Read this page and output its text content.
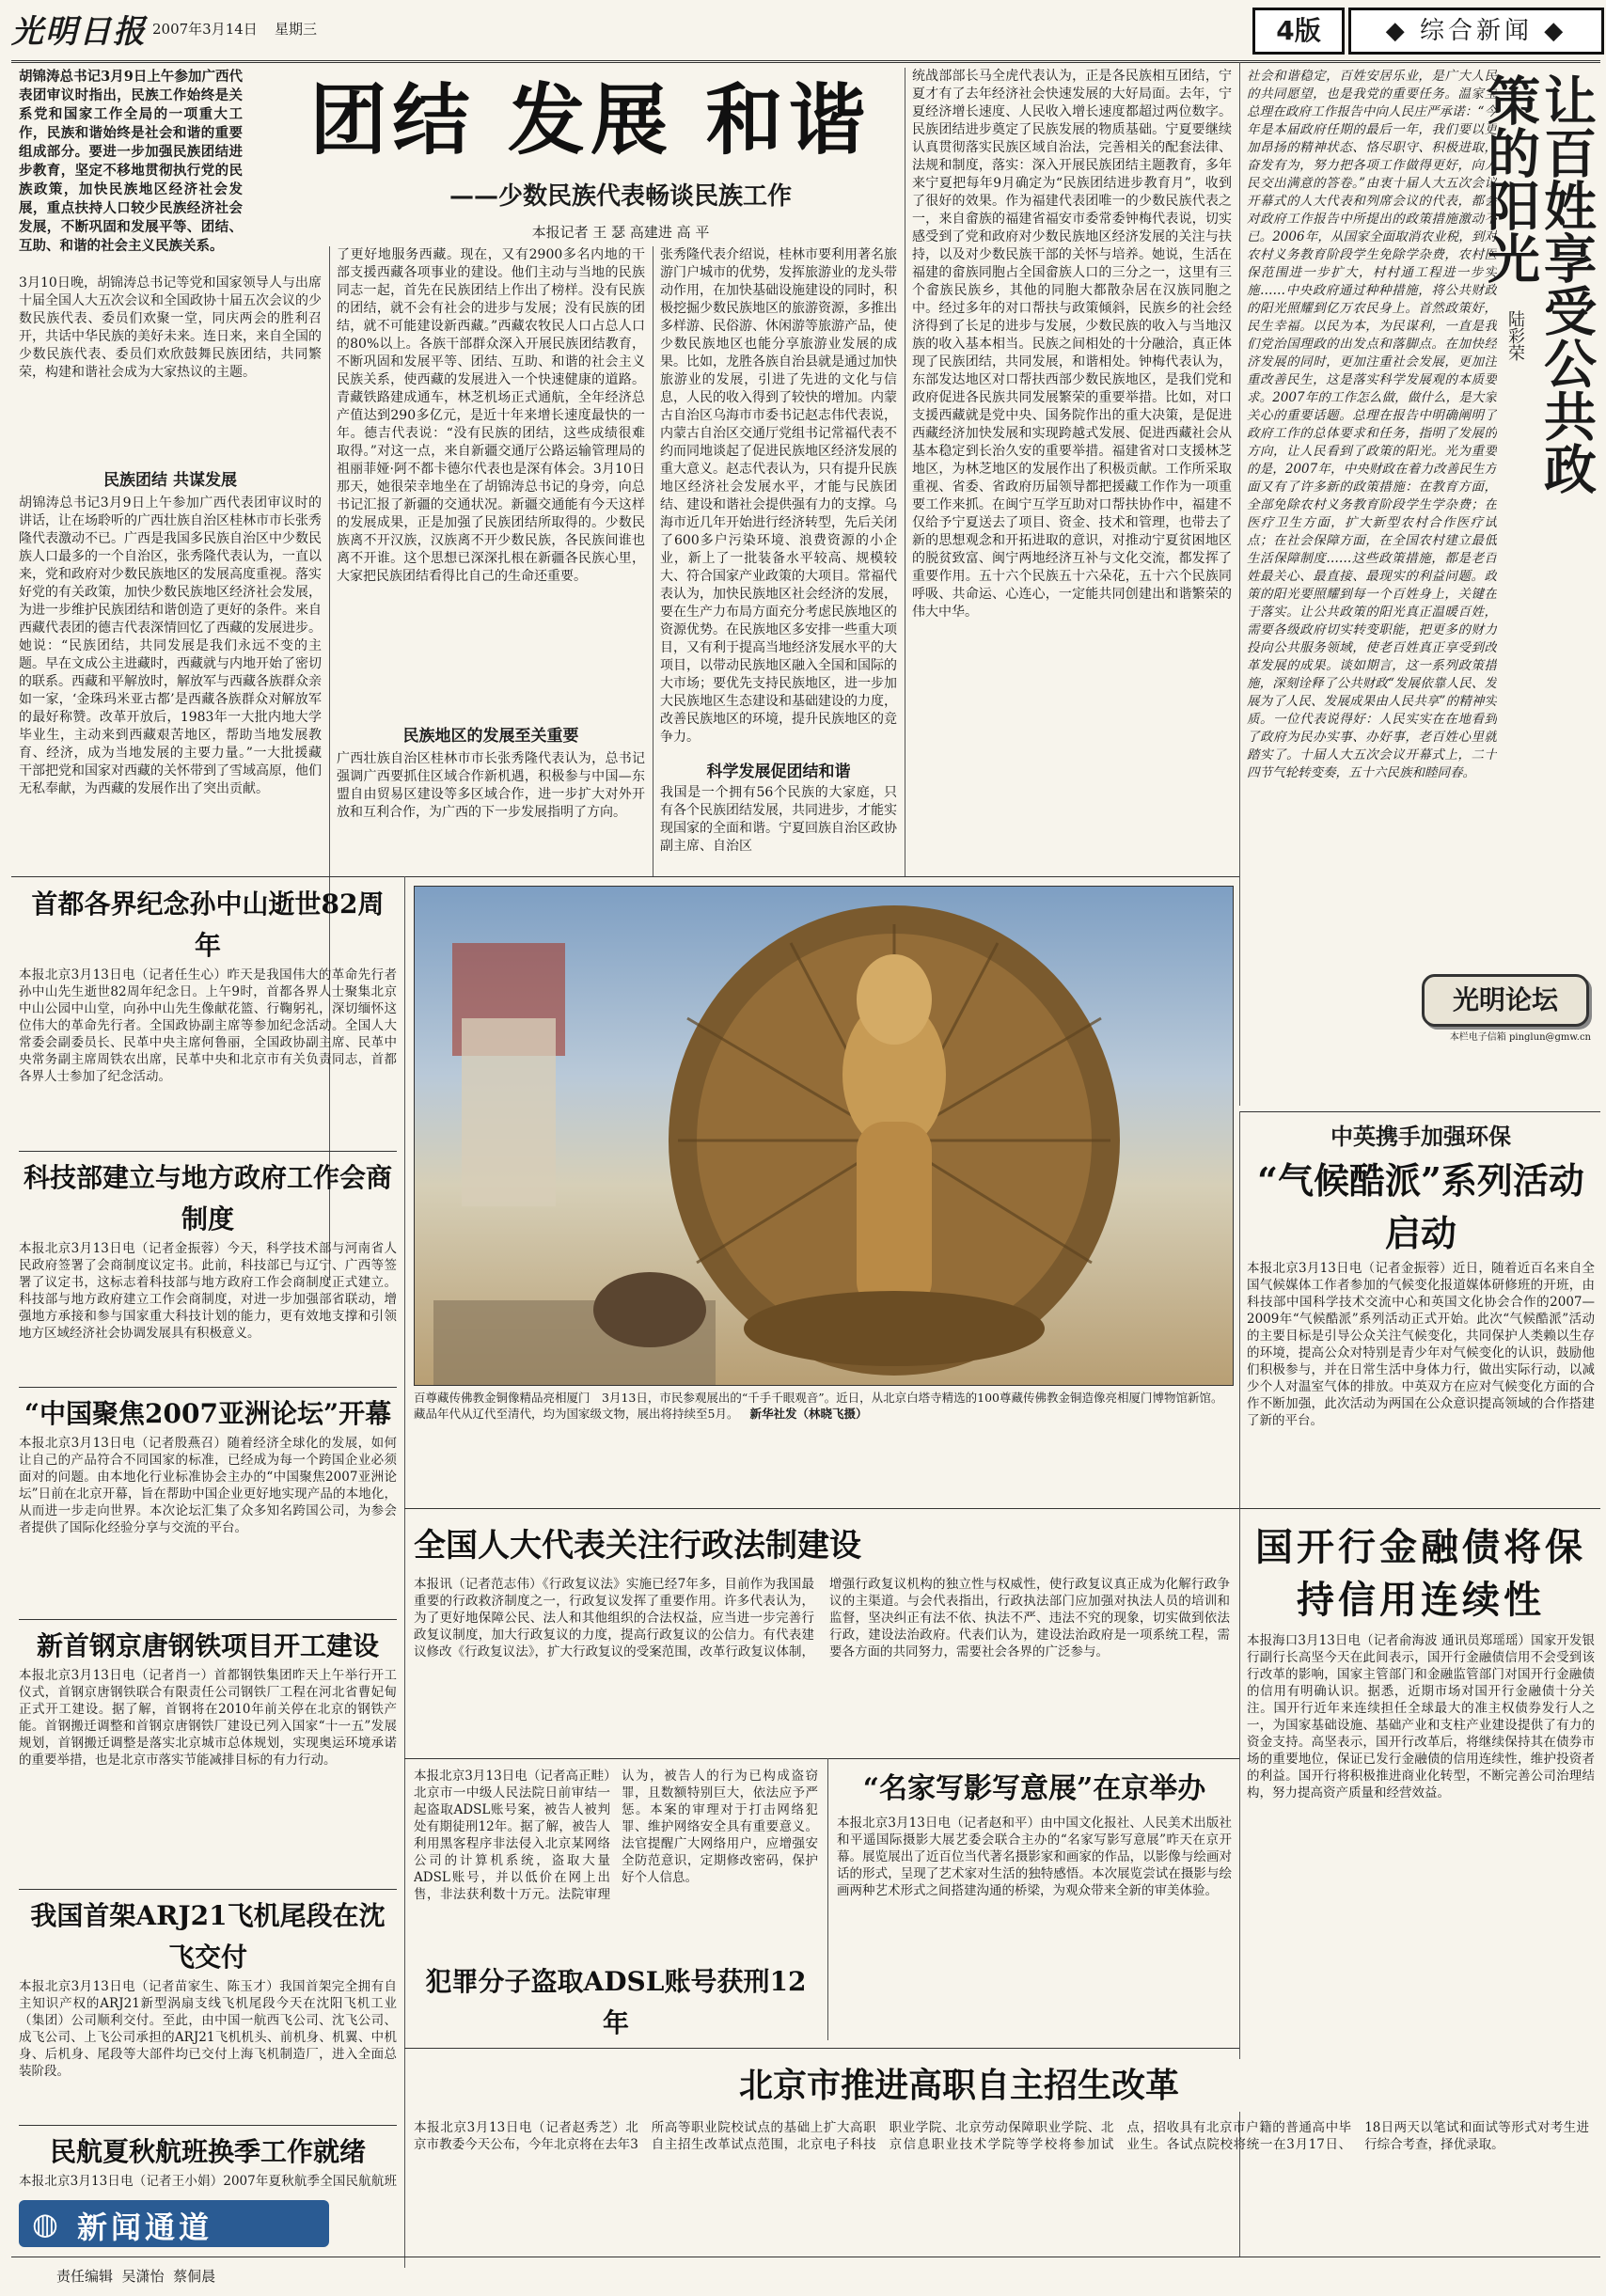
光明日报 2007年3月14日 星期三	4版	◆ 综合新闻 ◆
胡锦涛总书记3月9日上午参加广西代表团审议时指出，民族工作始终是关系党和国家工作全局的一项重大工作，民族和谐始终是社会和谐的重要组成部分。要进一步加强民族团结进步教育，坚定不移地贯彻执行党的民族政策，加快民族地区经济社会发展，重点扶持人口较少民族经济社会发展，不断巩固和发展平等、团结、互助、和谐的社会主义民族关系。
团结 发展 和谐
——少数民族代表畅谈民族工作
本报记者 王 瑟 高建进 高 平
3月10日晚，胡锦涛总书记等党和国家领导人与出席十届全国人大五次会议和全国政协十届五次会议的少数民族代表、委员们欢聚一堂，同庆两会的胜利召开，共话中华民族的美好未来。连日来，来自全国的少数民族代表、委员们欢欣鼓舞民族团结，共同繁荣，构建和谐社会成为大家热议的主题。
民族团结 共谋发展
胡锦涛总书记3月9日上午参加广西代表团审议时的讲话，让在场聆听的广西壮族自治区桂林市市长张秀隆代表激动不已。广西是我国多民族自治区中少数民族人口最多的一个自治区，张秀隆代表认为，一直以来，党和政府对少数民族地区的发展高度重视。落实好党的有关政策，加快少数民族地区经济社会发展，为进一步维护民族团结和谐创造了更好的条件。来自西藏代表团的德吉代表深情回忆了西藏的发展进步。她说：“民族团结，共同发展是我们永远不变的主题。早在文成公主进藏时，西藏就与内地开始了密切的联系。西藏和平解放时，解放军与西藏各族群众亲如一家，‘金珠玛米亚古都’是西藏各族群众对解放军的最好称赞。改革开放后，1983年一大批内地大学毕业生，主动来到西藏艰苦地区，帮助当地发展教育、经济，成为当地发展的主要力量。”一大批援藏干部把党和国家对西藏的关怀带到了雪域高原，他们无私奉献，为西藏的发展作出了突出贡献。
了更好地服务西藏。现在，又有2900多名内地的干部支援西藏各项事业的建设。他们主动与当地的民族同志一起，首先在民族团结上作出了榜样。没有民族的团结，就不会有社会的进步与发展；没有民族的团结，就不可能建设新西藏。”西藏农牧民人口占总人口的80%以上。各族干部群众深入开展民族团结教育，不断巩固和发展平等、团结、互助、和谐的社会主义民族关系，使西藏的发展进入一个快速健康的道路。青藏铁路建成通车，林芝机场正式通航，全年经济总产值达到290多亿元，是近十年来增长速度最快的一年。德吉代表说：“没有民族的团结，这些成绩很难取得。”对这一点，来自新疆交通厅公路运输管理局的祖丽菲娅·阿不都卡德尔代表也是深有体会。3月10日那天，她很荣幸地坐在了胡锦涛总书记的身旁，向总书记汇报了新疆的交通状况。新疆交通能有今天这样的发展成果，正是加强了民族团结所取得的。少数民族离不开汉族，汉族离不开少数民族，各民族间谁也离不开谁。这个思想已深深扎根在新疆各民族心里，大家把民族团结看得比自己的生命还重要。
民族地区的发展至关重要
广西壮族自治区桂林市市长张秀隆代表认为，总书记强调广西要抓住区域合作新机遇，积极参与中国—东盟自由贸易区建设等多区域合作，进一步扩大对外开放和互利合作，为广西的下一步发展指明了方向。
张秀隆代表介绍说，桂林市要利用著名旅游门户城市的优势，发挥旅游业的龙头带动作用，在加快基础设施建设的同时，积极挖掘少数民族地区的旅游资源，多推出多样游、民俗游、休闲游等旅游产品，使少数民族地区也能分享旅游业发展的成果。比如，龙胜各族自治县就是通过加快旅游业的发展，引进了先进的文化与信息，人民的收入得到了较快的增加。内蒙古自治区乌海市市委书记赵志伟代表说，内蒙古自治区交通厅党组书记常福代表不约而同地谈起了促进民族地区经济发展的重大意义。赵志代表认为，只有提升民族地区经济社会发展水平，才能与民族团结、建设和谐社会提供强有力的支撑。乌海市近几年开始进行经济转型，先后关闭了600多户污染环境、浪费资源的小企业，新上了一批装备水平较高、规模较大、符合国家产业政策的大项目。常福代表认为，加快民族地区社会经济的发展，要在生产力布局方面充分考虑民族地区的资源优势。在民族地区多安排一些重大项目，又有利于提高当地经济发展水平的大项目，以带动民族地区融入全国和国际的大市场；要优先支持民族地区，进一步加大民族地区生态建设和基础建设的力度，改善民族地区的环境，提升民族地区的竞争力。
科学发展促团结和谐
我国是一个拥有56个民族的大家庭，只有各个民族团结发展，共同进步，才能实现国家的全面和谐。宁夏回族自治区政协副主席、自治区
统战部部长马全虎代表认为，正是各民族相互团结，宁夏才有了去年经济社会快速发展的大好局面。去年，宁夏经济增长速度、人民收入增长速度都超过两位数字。民族团结进步奠定了民族发展的物质基础。宁夏要继续认真贯彻落实民族区域自治法，完善相关的配套法律、法规和制度，落实：深入开展民族团结主题教育，多年来宁夏把每年9月确定为“民族团结进步教育月”，收到了很好的效果。作为福建代表团唯一的少数民族代表之一，来自畲族的福建省福安市委常委钟梅代表说，切实感受到了党和政府对少数民族地区经济发展的关注与扶持，以及对少数民族干部的关怀与培养。她说，生活在福建的畲族同胞占全国畲族人口的三分之一，这里有三个畲族民族乡，其他的同胞大都散杂居在汉族同胞之中。经过多年的对口帮扶与政策倾斜，民族乡的社会经济得到了长足的进步与发展，少数民族的收入与当地汉族的收入基本相当。民族之间相处的十分融洽，真正体现了民族团结，共同发展，和谐相处。钟梅代表认为，东部发达地区对口帮扶西部少数民族地区，是我们党和政府促进各民族共同发展繁荣的重要举措。比如，对口支援西藏就是党中央、国务院作出的重大决策，是促进西藏经济加快发展和实现跨越式发展、促进西藏社会从基本稳定到长治久安的重要举措。福建省对口支援林芝地区，为林芝地区的发展作出了积极贡献。工作所采取重视、省委、省政府历届领导都把援藏工作作为一项重要工作来抓。在闽宁互学互助对口帮扶协作中，福建不仅给予宁夏送去了项目、资金、技术和管理，也带去了新的思想观念和开拓进取的意识，对推动宁夏贫困地区的脱贫致富、闽宁两地经济互补与文化交流，都发挥了重要作用。五十六个民族五十六朵花，五十六个民族同呼吸、共命运、心连心，一定能共同创建出和谐繁荣的伟大中华。
让百姓享受公共政策的阳光
陆彩荣
社会和谐稳定，百姓安居乐业，是广大人民的共同愿望，也是我党的重要任务。温家宝总理在政府工作报告中向人民庄严承诺：“今年是本届政府任期的最后一年，我们要以更加昂扬的精神状态、恪尽职守、积极进取，奋发有为，努力把各项工作做得更好，向人民交出满意的答卷。”由衷十届人大五次会议开幕式的人大代表和列席会议的代表，都会对政府工作报告中所提出的政策措施激动不已。2006年，从国家全面取消农业税，到对农村义务教育阶段学生免除学杂费，农村医保范围进一步扩大，村村通工程进一步实施……中央政府通过种种措施，将公共财政的阳光照耀到亿万农民身上。首然政策好，民生幸福。以民为本，为民谋利，一直是我们党治国理政的出发点和落脚点。在加快经济发展的同时，更加注重社会发展，更加注重改善民生，这是落实科学发展观的本质要求。2007年的工作怎么做，做什么，是大家关心的重要话题。总理在报告中明确阐明了政府工作的总体要求和任务，指明了发展的方向，让人民看到了政策的阳光。光为重要的是，2007年，中央财政在着力改善民生方面又有了许多新的政策措施：在教育方面，全部免除农村义务教育阶段学生学杂费；在医疗卫生方面，扩大新型农村合作医疗试点；在社会保障方面，在全国农村建立最低生活保障制度……这些政策措施，都是老百姓最关心、最直接、最现实的利益问题。政策的阳光要照耀到每一个百姓身上，关键在于落实。让公共政策的阳光真正温暖百姓，需要各级政府切实转变职能，把更多的财力投向公共服务领域，使老百姓真正享受到改革发展的成果。谈如期言，这一系列政策措施，深刻诠释了公共财政“发展依靠人民、发展为了人民、发展成果由人民共享”的精神实质。一位代表说得好：人民实实在在地看到了政府为民办实事、办好事，老百姓心里就踏实了。十届人大五次会议开幕式上，二十四节气轮转变奏，五十六民族和睦同春。
光明论坛
本栏电子信箱 pinglun@gmw.cn
首都各界纪念孙中山逝世82周年
本报北京3月13日电（记者任生心）昨天是我国伟大的革命先行者孙中山先生逝世82周年纪念日。上午9时，首都各界人士聚集北京中山公园中山堂，向孙中山先生像献花篮、行鞠躬礼，深切缅怀这位伟大的革命先行者。全国政协副主席等参加纪念活动。全国人大常委会副委员长、民革中央主席何鲁丽，全国政协副主席、民革中央常务副主席周铁农出席，民革中央和北京市有关负责同志，首都各界人士参加了纪念活动。
科技部建立与地方政府工作会商制度
本报北京3月13日电（记者金振蓉）今天，科学技术部与河南省人民政府签署了会商制度议定书。此前，科技部已与辽宁、广西等签署了议定书，这标志着科技部与地方政府工作会商制度正式建立。科技部与地方政府建立工作会商制度，对进一步加强部省联动，增强地方承接和参与国家重大科技计划的能力，更有效地支撑和引领地方区域经济社会协调发展具有积极意义。
“中国聚焦2007亚洲论坛”开幕
本报北京3月13日电（记者殷燕召）随着经济全球化的发展，如何让自己的产品符合不同国家的标准，已经成为每一个跨国企业必须面对的问题。由本地化行业标准协会主办的“中国聚焦2007亚洲论坛”日前在北京开幕，旨在帮助中国企业更好地实现产品的本地化，从而进一步走向世界。本次论坛汇集了众多知名跨国公司，为参会者提供了国际化经验分享与交流的平台。
新首钢京唐钢铁项目开工建设
本报北京3月13日电（记者肖一）首都钢铁集团昨天上午举行开工仪式，首钢京唐钢铁联合有限责任公司钢铁厂工程在河北省曹妃甸正式开工建设。据了解，首钢将在2010年前关停在北京的钢铁产能。首钢搬迁调整和首钢京唐钢铁厂建设已列入国家“十一五”发展规划，首钢搬迁调整是落实北京城市总体规划，实现奥运环境承诺的重要举措，也是北京市落实节能减排目标的有力行动。
我国首架ARJ21飞机尾段在沈飞交付
本报北京3月13日电（记者苗家生、陈玉才）我国首架完全拥有自主知识产权的ARJ21新型涡扇支线飞机尾段今天在沈阳飞机工业（集团）公司顺利交付。至此，由中国一航西飞公司、沈飞公司、成飞公司、上飞公司承担的ARJ21飞机机头、前机身、机翼、中机身、后机身、尾段等大部件均已交付上海飞机制造厂，进入全面总装阶段。
民航夏秋航班换季工作就绪
本报北京3月13日电（记者王小娟）2007年夏秋航季全国民航航班
◍ 新闻通道
责任编辑  吴潇怡  蔡侗晨
百尊藏传佛教金铜像精品亮相厦门　3月13日，市民参观展出的“千手千眼观音”。近日，从北京白塔寺精选的100尊藏传佛教金铜造像亮相厦门博物馆新馆。藏品年代从辽代至清代，均为国家级文物，展出将持续至5月。 新华社发（林晓飞摄）
中英携手加强环保
“气候酷派”系列活动启动
本报北京3月13日电（记者金振蓉）近日，随着近百名来自全国气候媒体工作者参加的气候变化报道媒体研修班的开班，由科技部中国科学技术交流中心和英国文化协会合作的2007—2009年“气候酷派”系列活动正式开始。此次“气候酷派”活动的主要目标是引导公众关注气候变化，共同保护人类赖以生存的环境，提高公众对特别是青少年对气候变化的认识，鼓励他们积极参与，并在日常生活中身体力行，做出实际行动，以减少个人对温室气体的排放。中英双方在应对气候变化方面的合作不断加强，此次活动为两国在公众意识提高领域的合作搭建了新的平台。
国开行金融债将保持信用连续性
本报海口3月13日电（记者俞海波 通讯员郑瑶瑶）国家开发银行副行长高坚今天在此间表示，国开行金融债信用不会受到该行改革的影响，国家主管部门和金融监管部门对国开行金融债的信用有明确认识。据悉，近期市场对国开行金融债十分关注。国开行近年来连续担任全球最大的准主权债券发行人之一，为国家基础设施、基础产业和支柱产业建设提供了有力的资金支持。高坚表示，国开行改革后，将继续保持其在债券市场的重要地位，保证已发行金融债的信用连续性，维护投资者的利益。国开行将积极推进商业化转型，不断完善公司治理结构，努力提高资产质量和经营效益。
全国人大代表关注行政法制建设
本报讯（记者范志伟）《行政复议法》实施已经7年多，目前作为我国最重要的行政救济制度之一，行政复议发挥了重要作用。许多代表认为，为了更好地保障公民、法人和其他组织的合法权益，应当进一步完善行政复议制度，加大行政复议的力度，提高行政复议的公信力。有代表建议修改《行政复议法》，扩大行政复议的受案范围，改革行政复议体制，增强行政复议机构的独立性与权威性，使行政复议真正成为化解行政争议的主渠道。与会代表指出，行政执法部门应加强对执法人员的培训和监督，坚决纠正有法不依、执法不严、违法不究的现象，切实做到依法行政，建设法治政府。代表们认为，建设法治政府是一项系统工程，需要各方面的共同努力，需要社会各界的广泛参与。
本报北京3月13日电（记者高正畦）北京市一中级人民法院日前审结一起盗取ADSL账号案，被告人被判处有期徒刑12年。据了解，被告人利用黑客程序非法侵入北京某网络公司的计算机系统，盗取大量ADSL账号，并以低价在网上出售，非法获利数十万元。法院审理认为，被告人的行为已构成盗窃罪，且数额特别巨大，依法应予严惩。本案的审理对于打击网络犯罪、维护网络安全具有重要意义。法官提醒广大网络用户，应增强安全防范意识，定期修改密码，保护好个人信息。
犯罪分子盗取ADSL账号获刑12年
“名家写影写意展”在京举办
本报北京3月13日电（记者赵和平）由中国文化报社、人民美术出版社和平遥国际摄影大展艺委会联合主办的“名家写影写意展”昨天在京开幕。展览展出了近百位当代著名摄影家和画家的作品，以影像与绘画对话的形式，呈现了艺术家对生活的独特感悟。本次展览尝试在摄影与绘画两种艺术形式之间搭建沟通的桥梁，为观众带来全新的审美体验。
本报北京3月13日电（记者赵秀芝）北京市教委今天公布，今年北京将在去年3所高等职业院校试点的基础上扩大高职自主招生改革试点范围，北京电子科技职业学院、北京劳动保障职业学院、北京信息职业技术学院等学校将参加试点，招收具有北京市户籍的普通高中毕业生。各试点院校将统一在3月17日、18日两天以笔试和面试等形式对考生进行综合考查，择优录取。
北京市推进高职自主招生改革
